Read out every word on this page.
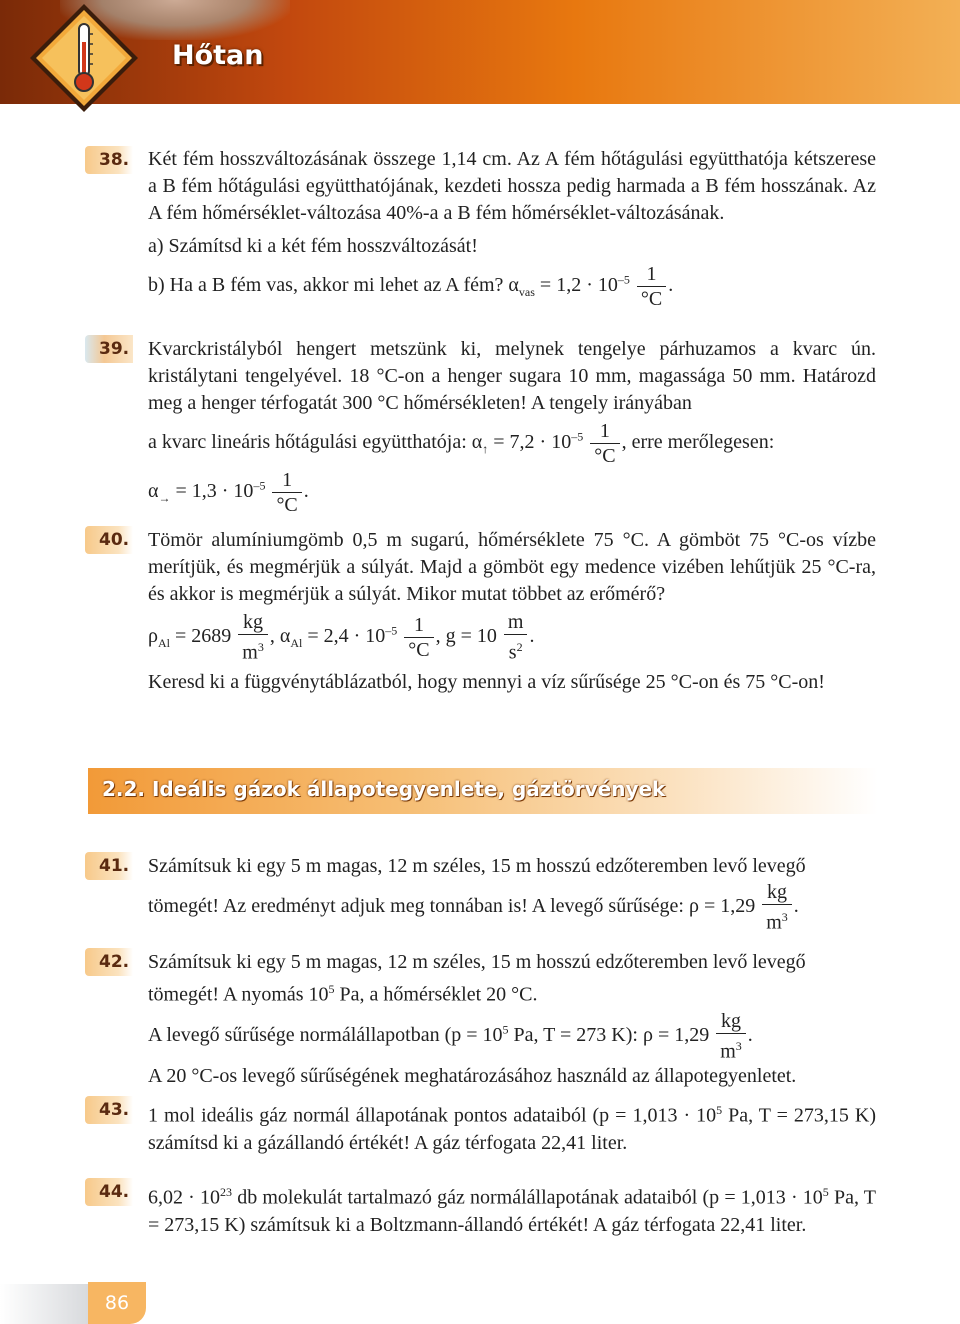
Hőtan
38. Két fém hosszváltozásának összege 1,14 cm. Az A fém hőtágulási együtthatója kétszerese a B fém hőtágulási együtthatójának, kezdeti hossza pedig harmada a B fém hosszának. Az A fém hőmérséklet-változása 40%-a a B fém hőmérséklet-változásának.

a) Számítsd ki a két fém hosszváltozását!

b) Ha a B fém vas, akkor mi lehet az A fém? $\alpha_{vas} = 1,2 \cdot 10^{-5} \frac{1}{^\circ C}$ .

39. Kvarckristályból hengert metszünk ki, melynek tengelye párhuzamos a kvarc ún. kristálytani tengelyével. 18 °C-on a henger sugara 10 mm, magassága 50 mm. Határozd meg a henger térfogatát 300 °C hőmérsékleten! A tengely irányában

a kvarc lineáris hőtágulási együtthatója: $\alpha_↑ = 7,2 \cdot 10^{-5} \frac{1}{^\circ C}$ , erre merőlegesen:

$\alpha_\to = 1,3 \cdot 10^{-5} \frac{1}{^\circ C}$ .

40. Tömör alumíniumgömb 0,5 m sugarú, hőmérséklete 75 °C. A gömböt 75 °C-os vízbe merítjük, és megmérjük a súlyát. Majd a gömböt egy medence vizében lehűtjük 25 °C-ra, és akkor is megmérjük a súlyát. Mikor mutat többet az erőmérő?

$\rho_{Al} = 2689 \frac{kg}{m^3}$ , $\alpha_{Al} = 2,4 \cdot 10^{-5} \frac{1}{^\circ C}$ , $g = 10 \frac{m}{s^2}$ .

Keresd ki a függvénytáblázatból, hogy mennyi a víz sűrűsége 25 °C-on és 75 °C-on!

2.2. Ideális gázok állapotegyenlete, gáztörvények
41. Számítsuk ki egy 5 m magas, 12 m széles, 15 m hosszú edzőteremben levő levegő

tömegét! Az eredményt adjuk meg tonnában is! A levegő sűrűsége: $\rho = 1,29 \frac{kg}{m^3}$ .

42. Számítsuk ki egy 5 m magas, 12 m széles, 15 m hosszú edzőteremben levő levegő

tömegét! A nyomás $10^5$ Pa, a hőmérséklet 20 °C.

A levegő sűrűsége normálállapotban ($p = 10^5$ Pa, T = 273 K): $\rho = 1,29 \frac{kg}{m^3}$ .

A 20 °C-os levegő sűrűségének meghatározásához használd az állapotegyenletet.

43. 1 mol ideális gáz normál állapotának pontos adataiból ($p = 1,013 \cdot 10^5$ Pa, T = 273,15 K) számítsd ki a gázállandó értékét! A gáz térfogata 22,41 liter.
44. $6,02 \cdot 10^{23}$ db molekulát tartalmazó gáz normálállapotának adataiból ($p = 1,013 \cdot 10^5$ Pa, T = 273,15 K) számítsuk ki a Boltzmann-állandó értékét! A gáz térfogata 22,41 liter.
86
